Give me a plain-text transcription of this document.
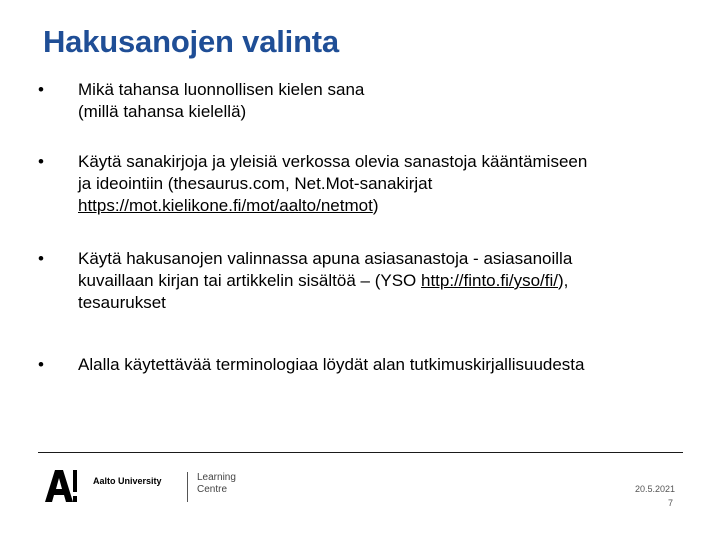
Hakusanojen valinta
• Mikä tahansa luonnollisen kielen sana
(millä tahansa kielellä)
• Käytä sanakirjoja ja yleisiä verkossa olevia sanastoja kääntämiseen
ja ideointiin (thesaurus.com, Net.Mot-sanakirjat
https://mot.kielikone.fi/mot/aalto/netmot)
• Käytä hakusanojen valinnassa apuna asiasanastoja - asiasanoilla
kuvaillaan kirjan tai artikkelin sisältöä – (YSO http://finto.fi/yso/fi/),
tesaurukset
• Alalla käytettävää terminologiaa löydät alan tutkimuskirjallisuudesta
Aalto University	Learning
Centre	20.5.2021
7
